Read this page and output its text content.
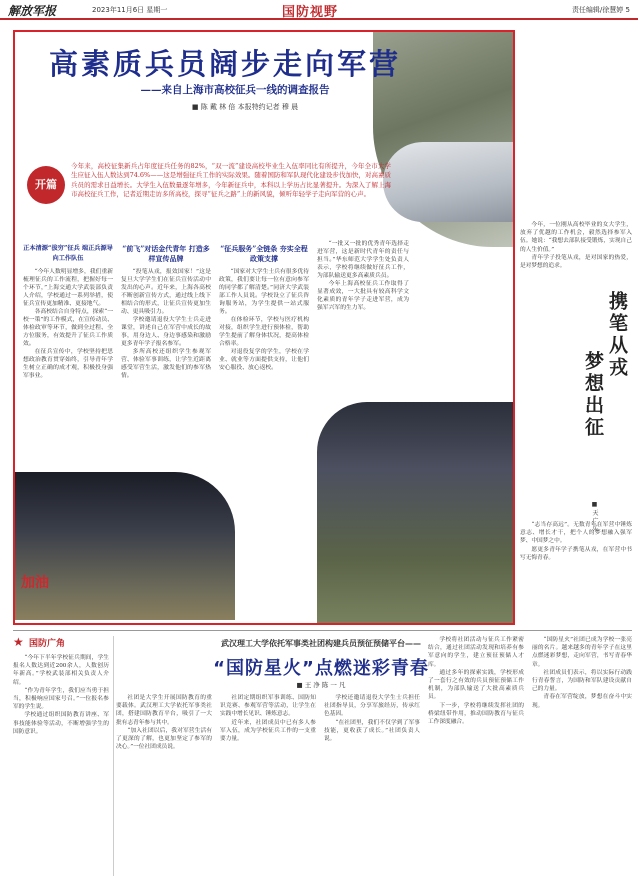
解放军报	2023年11月6日 星期一	国防视野	责任编辑/徐慧婷 5
高素质兵员阔步走向军营
——来自上海市高校征兵一线的调查报告
■ 陈 戴 林 倍 本报特约记者 穆 晨
开篇
今年来，高校征集新兵占年度征兵任务的82%，“双一流”建设高校毕业生入伍率同比有所提升，今年全市大学生应征入伍人数达到74.6%——这是增强征兵工作的实际效果。随着国防和军队现代化建设步伐加快，对高素质兵员的需求日益增长。大学生入伍数量逐年增多，今年新征兵中，本科以上学历占比显著提升。为深入了解上海市高校征兵工作，记者近期走访多所高校，探寻“征兵之路”上的新风貌，倾听年轻学子走向军营的心声。
正本清源“拔穷”征兵 端正兵源导向工作队伍

“今年人数明显增多，我们重新梳理征兵的工作流程，把握好每一个环节，”上海交通大学武装部负责人介绍，学校通过一系列举措，使征兵宣传更加精准、更接地气。

各高校结合自身特点，探索“一校一策”的工作模式，在宣传动员、体检政审等环节，做到全过程、全方位服务，有效提升了征兵工作质效。

在征兵宣传中，学校坚持把思想政治教育贯穿始终，引导青年学生树立正确的成才观，积极投身强军事业。

“前飞”对话金代青年 打造多样宣传品牌

“投笔从戎，报效国家！”这是复旦大学学生们在征兵宣传活动中发出的心声。近年来，上海各高校不断创新宣传方式，通过线上线下相结合的形式，让征兵宣传更加生动、更具吸引力。

学校邀请退役大学生士兵走进课堂，讲述自己在军营中成长的故事，用身边人、身边事感染和激励更多青年学子报名参军。

多所高校还组织学生参观军营、体验军事训练，让学生近距离感受军营生活，激发他们的参军热情。

“征兵服务”全链条 夯实全程政策支撑

“国家对大学生士兵有很多优待政策，我们要让每一位有意向参军的同学都了解清楚。”同济大学武装部工作人员说。学校设立了征兵咨询服务站，为学生提供一站式服务。

在体检环节，学校与医疗机构对接，组织学生进行预体检，帮助学生提前了解身体状况，提高体检合格率。

对退役复学的学生，学校在学业、就业等方面提供支持，让他们安心服役、放心返校。

“一批又一批的优秀青年选择走进军营，这是新时代青年的责任与担当。”华东师范大学学生处负责人表示，学校将继续做好征兵工作，为部队输送更多高素质兵员。

今年上海高校征兵工作取得了显著成效，一大批具有较高科学文化素质的青年学子走进军营，成为强军兴军的生力军。

加油

今年，一位刚从高校毕业的女大学生，放弃了优越的工作机会，毅然选择参军入伍。她说：“我想去部队接受锻炼，实现自己的人生价值。”

青年学子投笔从戎，是对国家的热爱，是对梦想的追求。

携笔从戎
梦想出征
■ 天 广 乐

“志当存高远”。无数青年在军营中锤炼意志、增长才干，把个人的梦想融入强军梦、中国梦之中。

愿更多青年学子携笔从戎，在军营中书写无悔青春。

★ 国防广角

“今年下半年学校征兵期间，学生报名人数达到近200余人，人数创历年新高。”学校武装部相关负责人介绍。

“作为青年学生，我们应当勇于担当，积极响应国家号召。”一位报名参军的学生说。

学校通过组织国防教育讲座、军事技能体验等活动，不断增强学生的国防意识。

武汉理工大学依托军事类社团构建兵员预征预储平台——
“国防星火”点燃迷彩青春
■ 王 净 陈 一 凡

社团是大学生开展国防教育的重要载体。武汉理工大学依托军事类社团，搭建国防教育平台，吸引了一大批有志青年参与其中。

“加入社团以后，我对军营生活有了更深的了解，也更加坚定了参军的决心。”一位社团成员说。

社团定期组织军事训练、国防知识竞赛、参观军营等活动，让学生在实践中增长见识、锤炼意志。

近年来，社团成员中已有多人参军入伍，成为学校征兵工作的一支重要力量。

学校还邀请退役大学生士兵担任社团指导员，分享军旅经历，传承红色基因。

“在社团里，我们不仅学到了军事技能，更收获了成长。”社团负责人说。

学校将社团活动与征兵工作紧密结合，通过社团活动发现和培养有参军意向的学生，建立预征预储人才库。

通过多年的探索实践，学校形成了一套行之有效的兵员预征预储工作机制，为部队输送了大批高素质兵员。

下一步，学校将继续发挥社团的桥梁纽带作用，推动国防教育与征兵工作深度融合。

“国防星火”社团已成为学校一张亮丽的名片。越来越多的青年学子在这里点燃迷彩梦想，走向军营，书写青春华章。

社团成员们表示，将以实际行动践行青春誓言，为国防和军队建设贡献自己的力量。

青春在军营绽放，梦想在奋斗中实现。
